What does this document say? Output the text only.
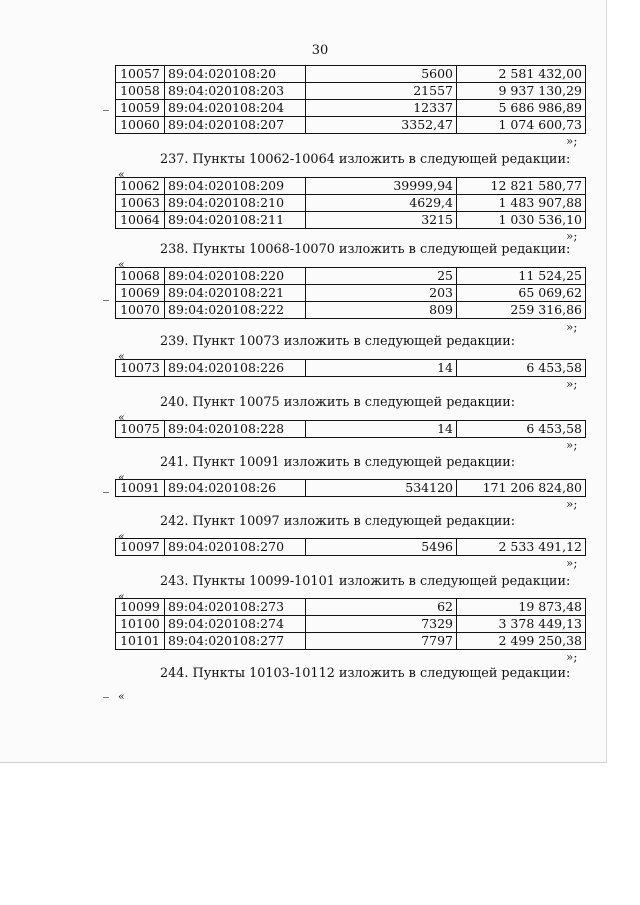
30
10057	89:04:020108:20	5600	2 581 432,00
10058	89:04:020108:203	21557	9 937 130,29
10059	89:04:020108:204	12337	5 686 986,89
10060	89:04:020108:207	3352,47	1 074 600,73
»;
237. Пункты 10062-10064 изложить в следующей редакции:
«
10062	89:04:020108:209	39999,94	12 821 580,77
10063	89:04:020108:210	4629,4	1 483 907,88
10064	89:04:020108:211	3215	1 030 536,10
»;
238. Пункты 10068-10070 изложить в следующей редакции:
«
10068	89:04:020108:220	25	11 524,25
10069	89:04:020108:221	203	65 069,62
10070	89:04:020108:222	809	259 316,86
»;
239. Пункт 10073 изложить в следующей редакции:
«
10073	89:04:020108:226	14	6 453,58
»;
240. Пункт 10075 изложить в следующей редакции:
«
10075	89:04:020108:228	14	6 453,58
»;
241. Пункт 10091 изложить в следующей редакции:
«
10091	89:04:020108:26	534120	171 206 824,80
»;
242. Пункт 10097 изложить в следующей редакции:
«
10097	89:04:020108:270	5496	2 533 491,12
»;
243. Пункты 10099-10101 изложить в следующей редакции:
«
10099	89:04:020108:273	62	19 873,48
10100	89:04:020108:274	7329	3 378 449,13
10101	89:04:020108:277	7797	2 499 250,38
»;
244. Пункты 10103-10112 изложить в следующей редакции:
«
